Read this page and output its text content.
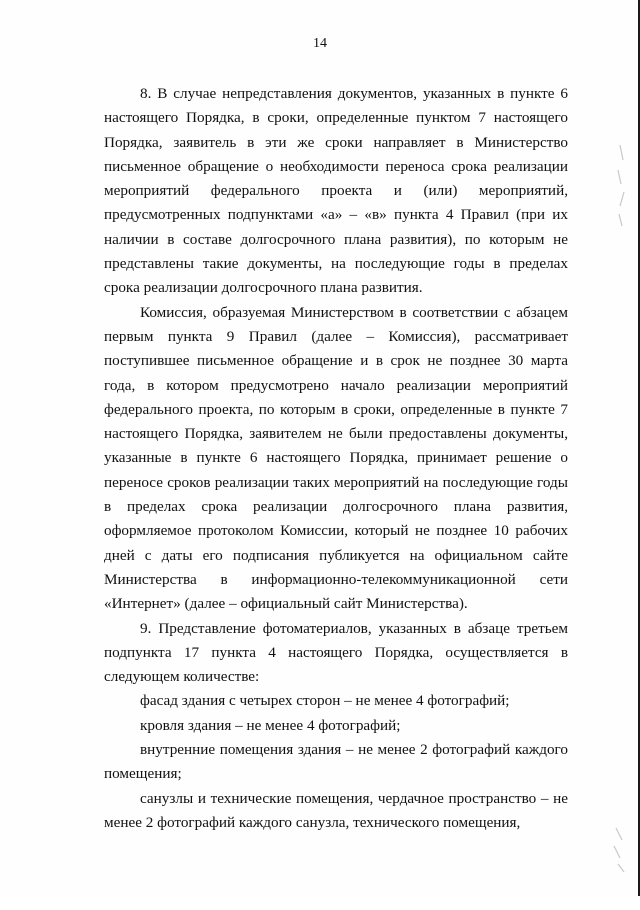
14

8. В случае непредставления документов, указанных в пункте 6 настоящего Порядка, в сроки, определенные пунктом 7 настоящего Порядка, заявитель в эти же сроки направляет в Министерство письменное обращение о необходимости переноса срока реализации мероприятий федерального проекта и (или) мероприятий, предусмотренных подпунктами «а» – «в» пункта 4 Правил (при их наличии в составе долгосрочного плана развития), по которым не представлены такие документы, на последующие годы в пределах срока реализации долгосрочного плана развития.

Комиссия, образуемая Министерством в соответствии с абзацем первым пункта 9 Правил (далее – Комиссия), рассматривает поступившее письменное обращение и в срок не позднее 30 марта года, в котором предусмотрено начало реализации мероприятий федерального проекта, по которым в сроки, определенные в пункте 7 настоящего Порядка, заявителем не были предоставлены документы, указанные в пункте 6 настоящего Порядка, принимает решение о переносе сроков реализации таких мероприятий на последующие годы в пределах срока реализации долгосрочного плана развития, оформляемое протоколом Комиссии, который не позднее 10 рабочих дней с даты его подписания публикуется на официальном сайте Министерства в информационно-телекоммуникационной сети «Интернет» (далее – официальный сайт Министерства).

9. Представление фотоматериалов, указанных в абзаце третьем подпункта 17 пункта 4 настоящего Порядка, осуществляется в следующем количестве:

фасад здания с четырех сторон – не менее 4 фотографий;

кровля здания – не менее 4 фотографий;

внутренние помещения здания – не менее 2 фотографий каждого помещения;

санузлы и технические помещения, чердачное пространство – не менее 2 фотографий каждого санузла, технического помещения,
